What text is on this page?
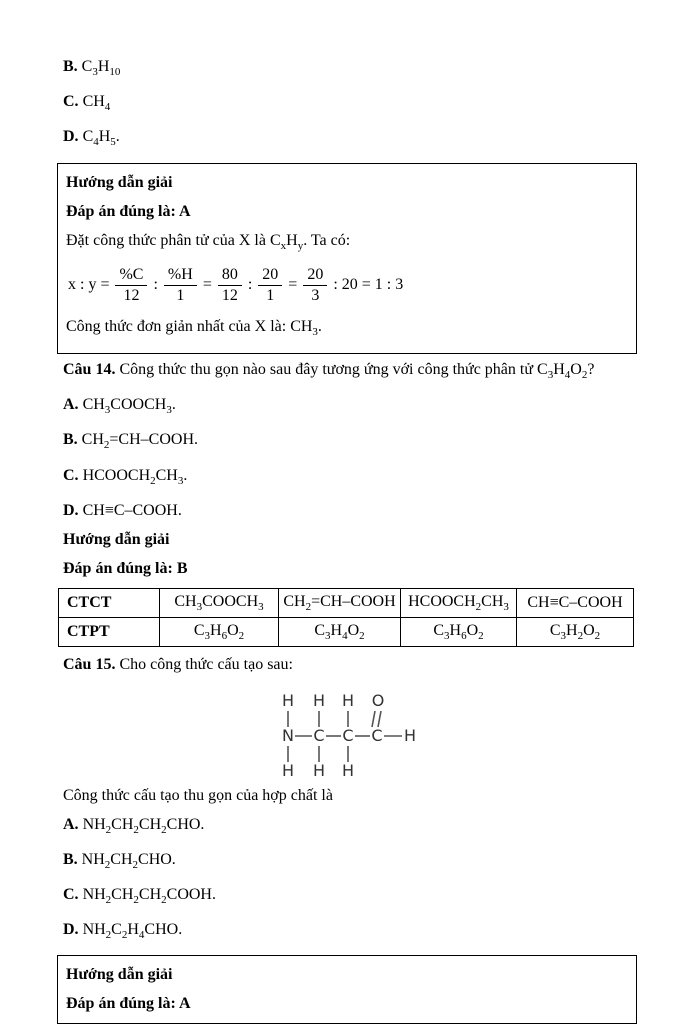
B. $C_3H_{10}$

C. $CH_4$

D. $C_4H_5$.

Hướng dẫn giải

Đáp án đúng là: A

Đặt công thức phân tử của X là $C_xH_y$. Ta có:

x : $y = \frac{\%C}{12}$ : $\frac{\%H}{1} = \frac{80}{12}$ : $\frac{20}{1} = \frac{20}{3}$ : 20 = 1 : 3

Công thức đơn giản nhất của X là: $CH_3$.

Câu 14. Công thức thu gọn nào sau đây tương ứng với công thức phân tử $C_3H_4O_2$?

A. $CH_3COOCH_3$.

B. $CH_2=CH$–COOH.

C. $HCOOCH_2CH_3$.

D. CH≡C–COOH.

Hướng dẫn giải

Đáp án đúng là: B

CTCT	$CH_3COOCH_3$	$CH_2=CH$–COOH	$HCOOCH_2CH_3$	CH≡C–COOH
CTPT	$C_3H_6O_2$	$C_3H_4O_2$	$C_3H_6O_2$	$C_3H_2O_2$

Câu 15. Cho công thức cấu tạo sau:

H H H O
N C C C H
H H H

Công thức cấu tạo thu gọn của hợp chất là

A. $NH_2CH_2CH_2CHO$.

B. $NH_2CH_2CHO$.

C. $NH_2CH_2CH_2COOH$.

D. $NH_2C_2H_4CHO$.

Hướng dẫn giải

Đáp án đúng là: A
